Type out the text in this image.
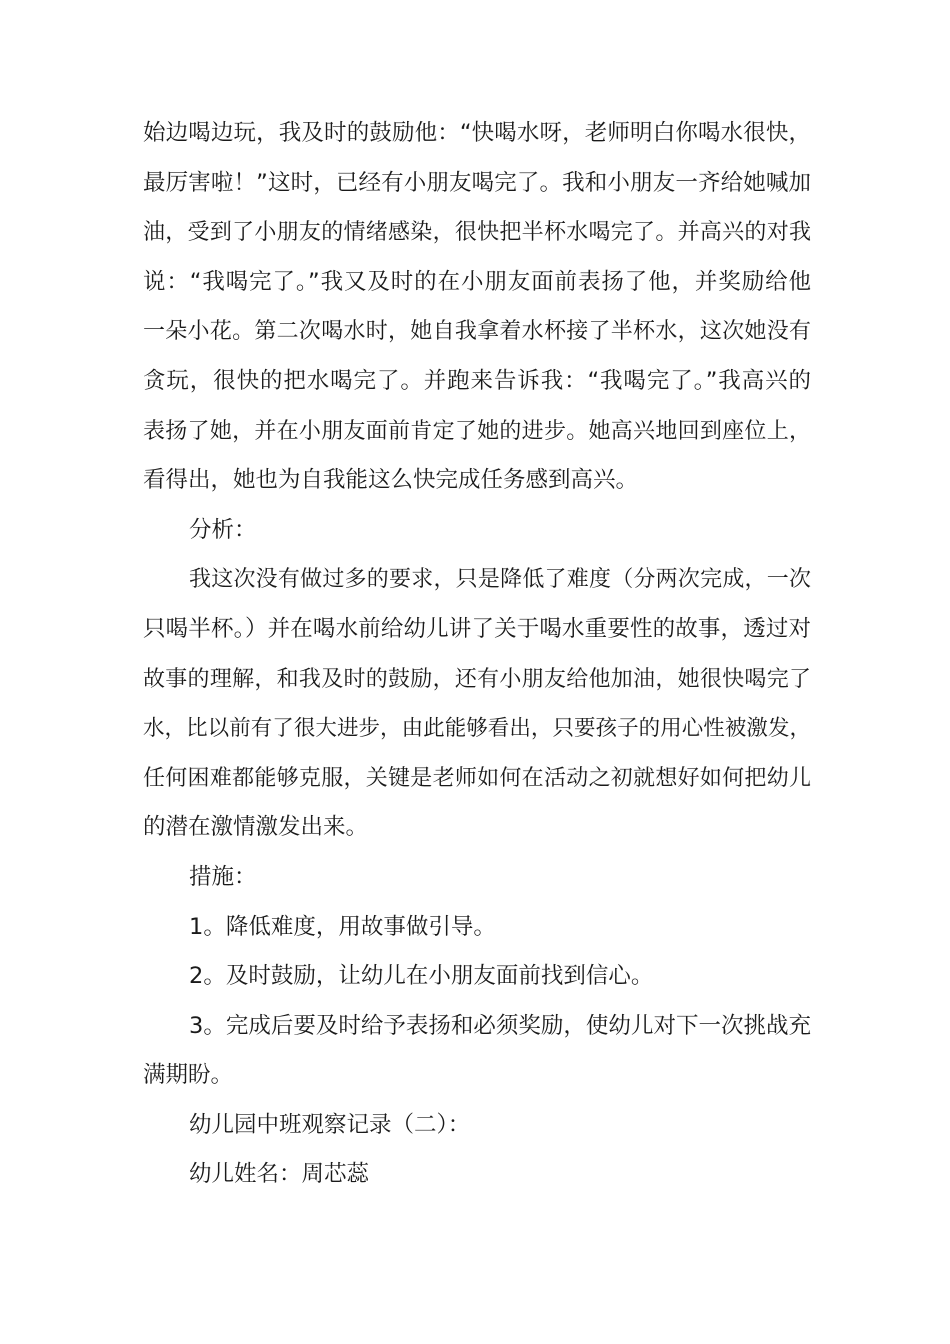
始边喝边玩，我及时的鼓励他：“快喝水呀，老师明白你喝水很快，
最厉害啦！”这时，已经有小朋友喝完了。我和小朋友一齐给她喊加
油，受到了小朋友的情绪感染，很快把半杯水喝完了。并高兴的对我
说：“我喝完了。”我又及时的在小朋友面前表扬了他，并奖励给他
一朵小花。第二次喝水时，她自我拿着水杯接了半杯水，这次她没有
贪玩，很快的把水喝完了。并跑来告诉我：“我喝完了。”我高兴的
表扬了她，并在小朋友面前肯定了她的进步。她高兴地回到座位上，
看得出，她也为自我能这么快完成任务感到高兴。
分析：
我这次没有做过多的要求，只是降低了难度（分两次完成，一次
只喝半杯。）并在喝水前给幼儿讲了关于喝水重要性的故事，透过对
故事的理解，和我及时的鼓励，还有小朋友给他加油，她很快喝完了
水，比以前有了很大进步，由此能够看出，只要孩子的用心性被激发，
任何困难都能够克服，关键是老师如何在活动之初就想好如何把幼儿
的潜在激情激发出来。
措施：
1。降低难度，用故事做引导。
2。及时鼓励，让幼儿在小朋友面前找到信心。
3。完成后要及时给予表扬和必须奖励，使幼儿对下一次挑战充
满期盼。
幼儿园中班观察记录（二）：
幼儿姓名：周芯蕊
